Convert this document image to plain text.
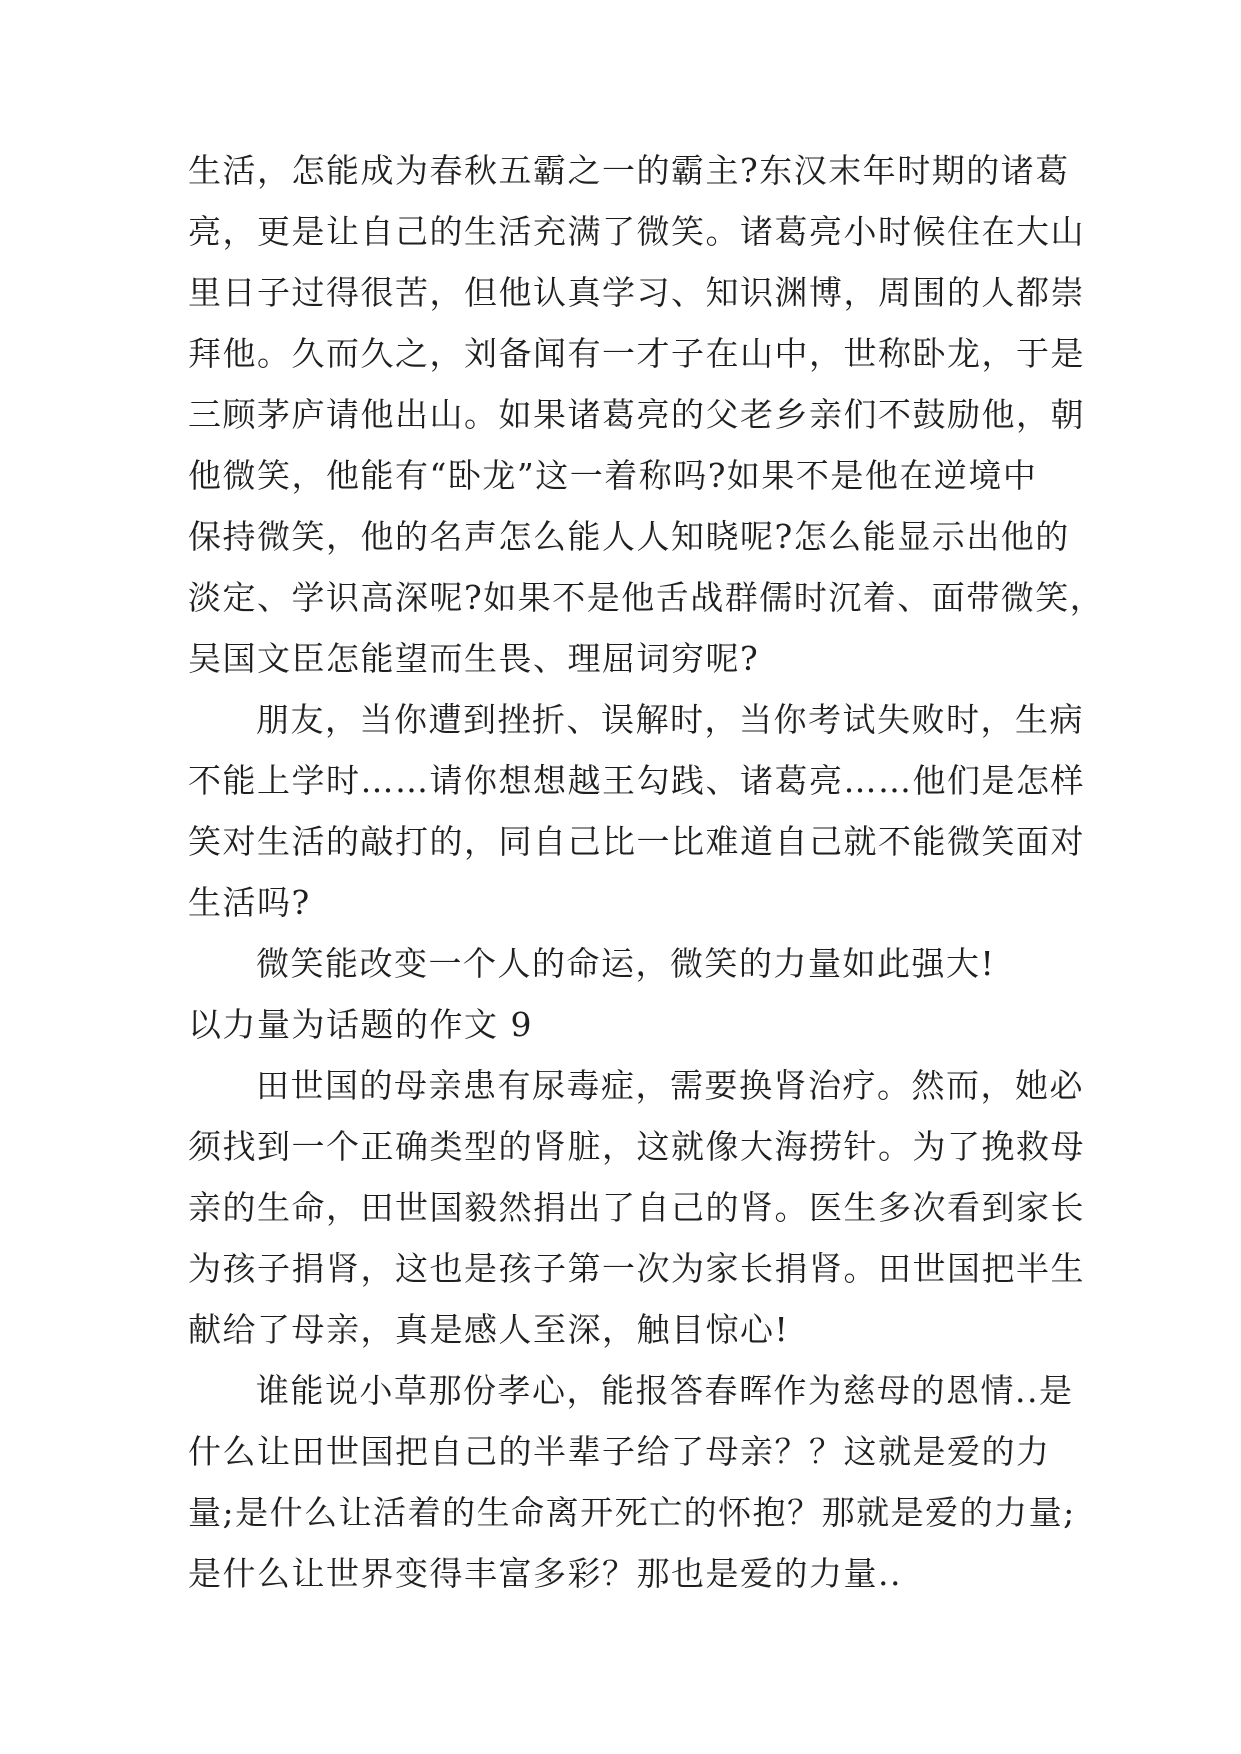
生活，怎能成为春秋五霸之一的霸主?东汉末年时期的诸葛
亮，更是让自己的生活充满了微笑。诸葛亮小时候住在大山
里日子过得很苦，但他认真学习、知识渊博，周围的人都崇
拜他。久而久之，刘备闻有一才子在山中，世称卧龙，于是
三顾茅庐请他出山。如果诸葛亮的父老乡亲们不鼓励他，朝
他微笑，他能有“卧龙”这一着称吗?如果不是他在逆境中
保持微笑，他的名声怎么能人人知晓呢?怎么能显示出他的
淡定、学识高深呢?如果不是他舌战群儒时沉着、面带微笑，
吴国文臣怎能望而生畏、理屈词穷呢?
朋友，当你遭到挫折、误解时，当你考试失败时，生病
不能上学时……请你想想越王勾践、诸葛亮……他们是怎样
笑对生活的敲打的，同自己比一比难道自己就不能微笑面对
生活吗?
微笑能改变一个人的命运，微笑的力量如此强大!
以力量为话题的作文 9
田世国的母亲患有尿毒症，需要换肾治疗。然而，她必
须找到一个正确类型的肾脏，这就像大海捞针。为了挽救母
亲的生命，田世国毅然捐出了自己的肾。医生多次看到家长
为孩子捐肾，这也是孩子第一次为家长捐肾。田世国把半生
献给了母亲，真是感人至深，触目惊心!
谁能说小草那份孝心，能报答春晖作为慈母的恩情..是
什么让田世国把自己的半辈子给了母亲？？这就是爱的力
量;是什么让活着的生命离开死亡的怀抱？那就是爱的力量;
是什么让世界变得丰富多彩？那也是爱的力量..
